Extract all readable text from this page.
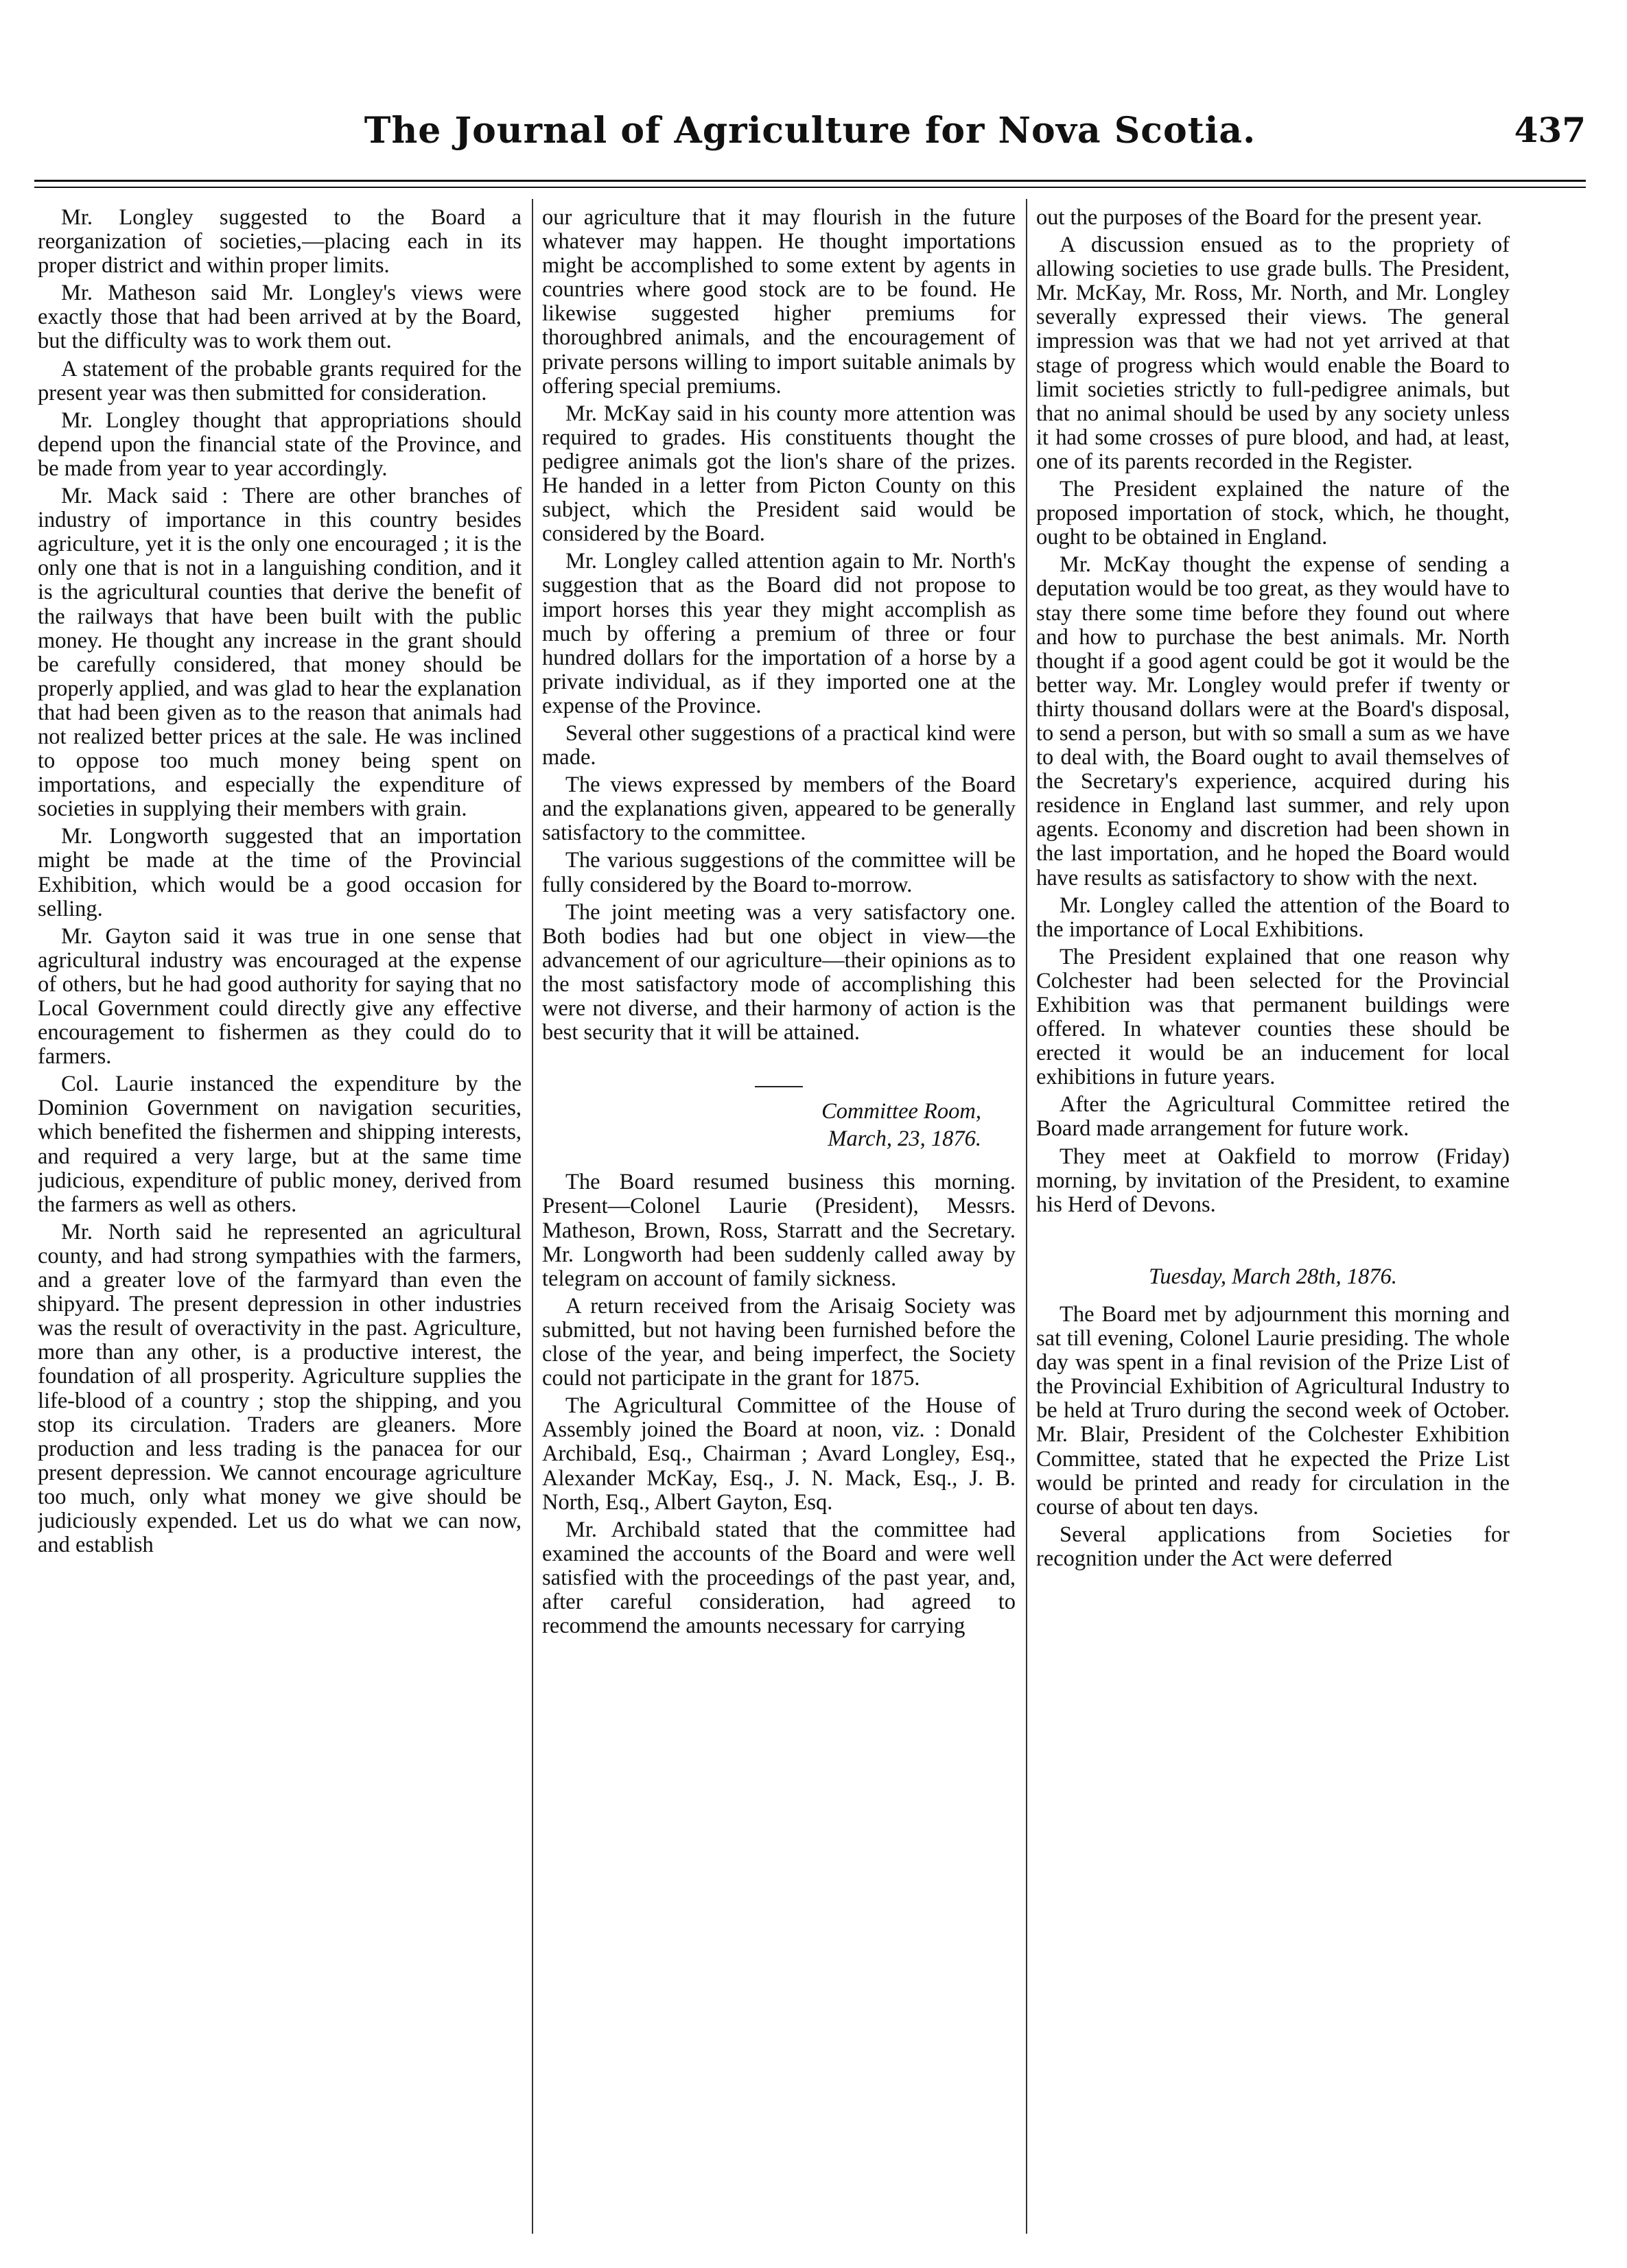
The Journal of Agriculture for Nova Scotia.	437

Mr. Longley suggested to the Board a reorganization of societies,—placing each in its proper district and within proper limits.

Mr. Matheson said Mr. Longley's views were exactly those that had been arrived at by the Board, but the difficulty was to work them out.

A statement of the probable grants required for the present year was then submitted for consideration.

Mr. Longley thought that appropriations should depend upon the financial state of the Province, and be made from year to year accordingly.

Mr. Mack said : There are other branches of industry of importance in this country besides agriculture, yet it is the only one encouraged ; it is the only one that is not in a languishing condition, and it is the agricultural counties that derive the benefit of the railways that have been built with the public money. He thought any increase in the grant should be carefully considered, that money should be properly applied, and was glad to hear the explanation that had been given as to the reason that animals had not realized better prices at the sale. He was inclined to oppose too much money being spent on importations, and especially the expenditure of societies in supplying their members with grain.

Mr. Longworth suggested that an importation might be made at the time of the Provincial Exhibition, which would be a good occasion for selling.

Mr. Gayton said it was true in one sense that agricultural industry was encouraged at the expense of others, but he had good authority for saying that no Local Government could directly give any effective encouragement to fishermen as they could do to farmers.

Col. Laurie instanced the expenditure by the Dominion Government on navigation securities, which benefited the fishermen and shipping interests, and required a very large, but at the same time judicious, expenditure of public money, derived from the farmers as well as others.

Mr. North said he represented an agricultural county, and had strong sympathies with the farmers, and a greater love of the farmyard than even the shipyard. The present depression in other industries was the result of overactivity in the past. Agriculture, more than any other, is a productive interest, the foundation of all prosperity. Agriculture supplies the life-blood of a country ; stop the shipping, and you stop its circulation. Traders are gleaners. More production and less trading is the panacea for our present depression. We cannot encourage agriculture too much, only what money we give should be judiciously expended. Let us do what we can now, and establish

our agriculture that it may flourish in the future whatever may happen. He thought importations might be accomplished to some extent by agents in countries where good stock are to be found. He likewise suggested higher premiums for thoroughbred animals, and the encouragement of private persons willing to import suitable animals by offering special premiums.

Mr. McKay said in his county more attention was required to grades. His constituents thought the pedigree animals got the lion's share of the prizes. He handed in a letter from Picton County on this subject, which the President said would be considered by the Board.

Mr. Longley called attention again to Mr. North's suggestion that as the Board did not propose to import horses this year they might accomplish as much by offering a premium of three or four hundred dollars for the importation of a horse by a private individual, as if they imported one at the expense of the Province.

Several other suggestions of a practical kind were made.

The views expressed by members of the Board and the explanations given, appeared to be generally satisfactory to the committee.

The various suggestions of the committee will be fully considered by the Board to-morrow.

The joint meeting was a very satisfactory one. Both bodies had but one object in view—the advancement of our agriculture—their opinions as to the most satisfactory mode of accomplishing this were not diverse, and their harmony of action is the best security that it will be attained.

Committee Room,

March, 23, 1876.

The Board resumed business this morning. Present—Colonel Laurie (President), Messrs. Matheson, Brown, Ross, Starratt and the Secretary. Mr. Longworth had been suddenly called away by telegram on account of family sickness.

A return received from the Arisaig Society was submitted, but not having been furnished before the close of the year, and being imperfect, the Society could not participate in the grant for 1875.

The Agricultural Committee of the House of Assembly joined the Board at noon, viz. : Donald Archibald, Esq., Chairman ; Avard Longley, Esq., Alexander McKay, Esq., J. N. Mack, Esq., J. B. North, Esq., Albert Gayton, Esq.

Mr. Archibald stated that the committee had examined the accounts of the Board and were well satisfied with the proceedings of the past year, and, after careful consideration, had agreed to recommend the amounts necessary for carrying

out the purposes of the Board for the present year.

A discussion ensued as to the propriety of allowing societies to use grade bulls. The President, Mr. McKay, Mr. Ross, Mr. North, and Mr. Longley severally expressed their views. The general impression was that we had not yet arrived at that stage of progress which would enable the Board to limit societies strictly to full-pedigree animals, but that no animal should be used by any society unless it had some crosses of pure blood, and had, at least, one of its parents recorded in the Register.

The President explained the nature of the proposed importation of stock, which, he thought, ought to be obtained in England.

Mr. McKay thought the expense of sending a deputation would be too great, as they would have to stay there some time before they found out where and how to purchase the best animals. Mr. North thought if a good agent could be got it would be the better way. Mr. Longley would prefer if twenty or thirty thousand dollars were at the Board's disposal, to send a person, but with so small a sum as we have to deal with, the Board ought to avail themselves of the Secretary's experience, acquired during his residence in England last summer, and rely upon agents. Economy and discretion had been shown in the last importation, and he hoped the Board would have results as satisfactory to show with the next.

Mr. Longley called the attention of the Board to the importance of Local Exhibitions.

The President explained that one reason why Colchester had been selected for the Provincial Exhibition was that permanent buildings were offered. In whatever counties these should be erected it would be an inducement for local exhibitions in future years.

After the Agricultural Committee retired the Board made arrangement for future work.

They meet at Oakfield to morrow (Friday) morning, by invitation of the President, to examine his Herd of Devons.

Tuesday, March 28th, 1876.

The Board met by adjournment this morning and sat till evening, Colonel Laurie presiding. The whole day was spent in a final revision of the Prize List of the Provincial Exhibition of Agricultural Industry to be held at Truro during the second week of October. Mr. Blair, President of the Colchester Exhibition Committee, stated that he expected the Prize List would be printed and ready for circulation in the course of about ten days.

Several applications from Societies for recognition under the Act were deferred
